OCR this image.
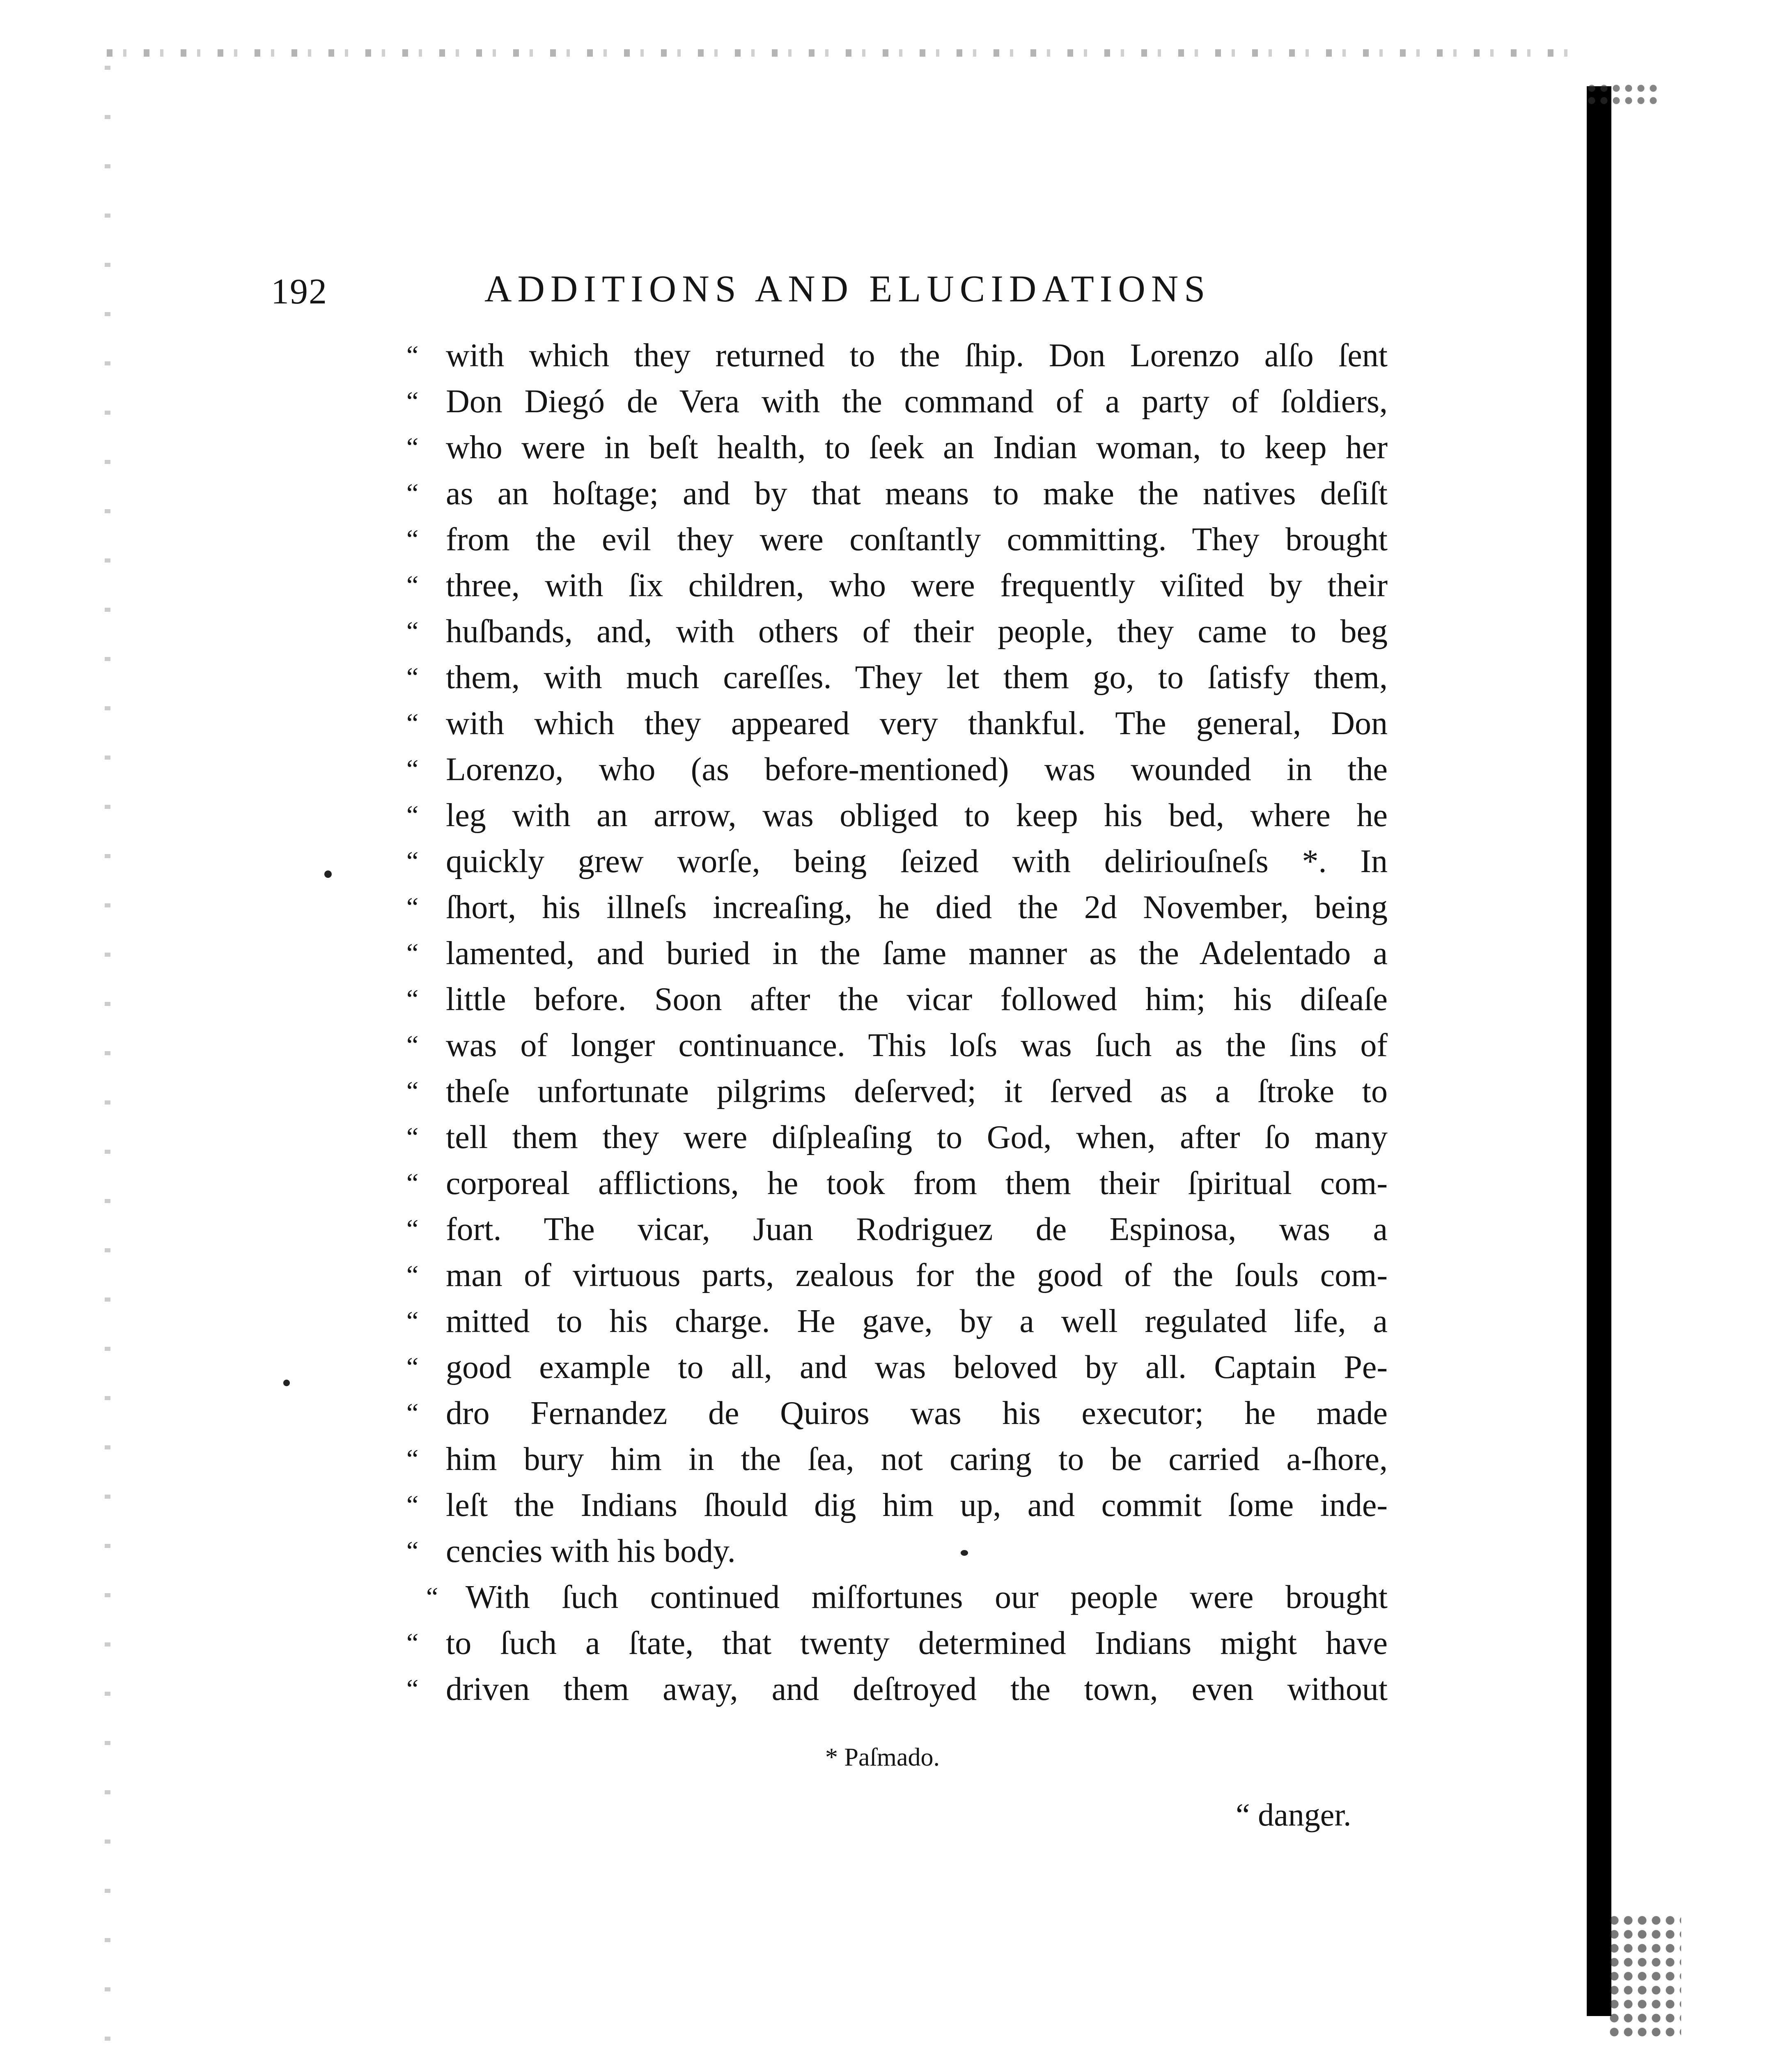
192	ADDITIONS AND ELUCIDATIONS
“ with which they returned to the ſhip. Don Lorenzo alſo ſent
“ Don Diegó de Vera with the command of a party of ſoldiers,
“ who were in beſt health, to ſeek an Indian woman, to keep her
“ as an hoſtage; and by that means to make the natives deſiſt
“ from the evil they were conſtantly committing. They brought
“ three, with ſix children, who were frequently viſited by their
“ huſbands, and, with others of their people, they came to beg
“ them, with much careſſes. They let them go, to ſatisfy them,
“ with which they appeared very thankful. The general, Don
“ Lorenzo, who (as before-mentioned) was wounded in the
“ leg with an arrow, was obliged to keep his bed, where he
“ quickly grew worſe, being ſeized with deliriouſneſs *. In
“ ſhort, his illneſs increaſing, he died the 2d November, being
“ lamented, and buried in the ſame manner as the Adelentado a
“ little before. Soon after the vicar followed him; his diſeaſe
“ was of longer continuance. This loſs was ſuch as the ſins of
“ theſe unfortunate pilgrims deſerved; it ſerved as a ſtroke to
“ tell them they were diſpleaſing to God, when, after ſo many
“ corporeal afflictions, he took from them their ſpiritual com-
“ fort. The vicar, Juan Rodriguez de Espinosa, was a
“ man of virtuous parts, zealous for the good of the ſouls com-
“ mitted to his charge. He gave, by a well regulated life, a
“ good example to all, and was beloved by all. Captain Pe-
“ dro Fernandez de Quiros was his executor; he made
“ him bury him in the ſea, not caring to be carried a-ſhore,
“ leſt the Indians ſhould dig him up, and commit ſome inde-
“ cencies with his body.
“ With ſuch continued miſfortunes our people were brought
“ to ſuch a ſtate, that twenty determined Indians might have
“ driven them away, and deſtroyed the town, even without
* Paſmado.
“ danger.
